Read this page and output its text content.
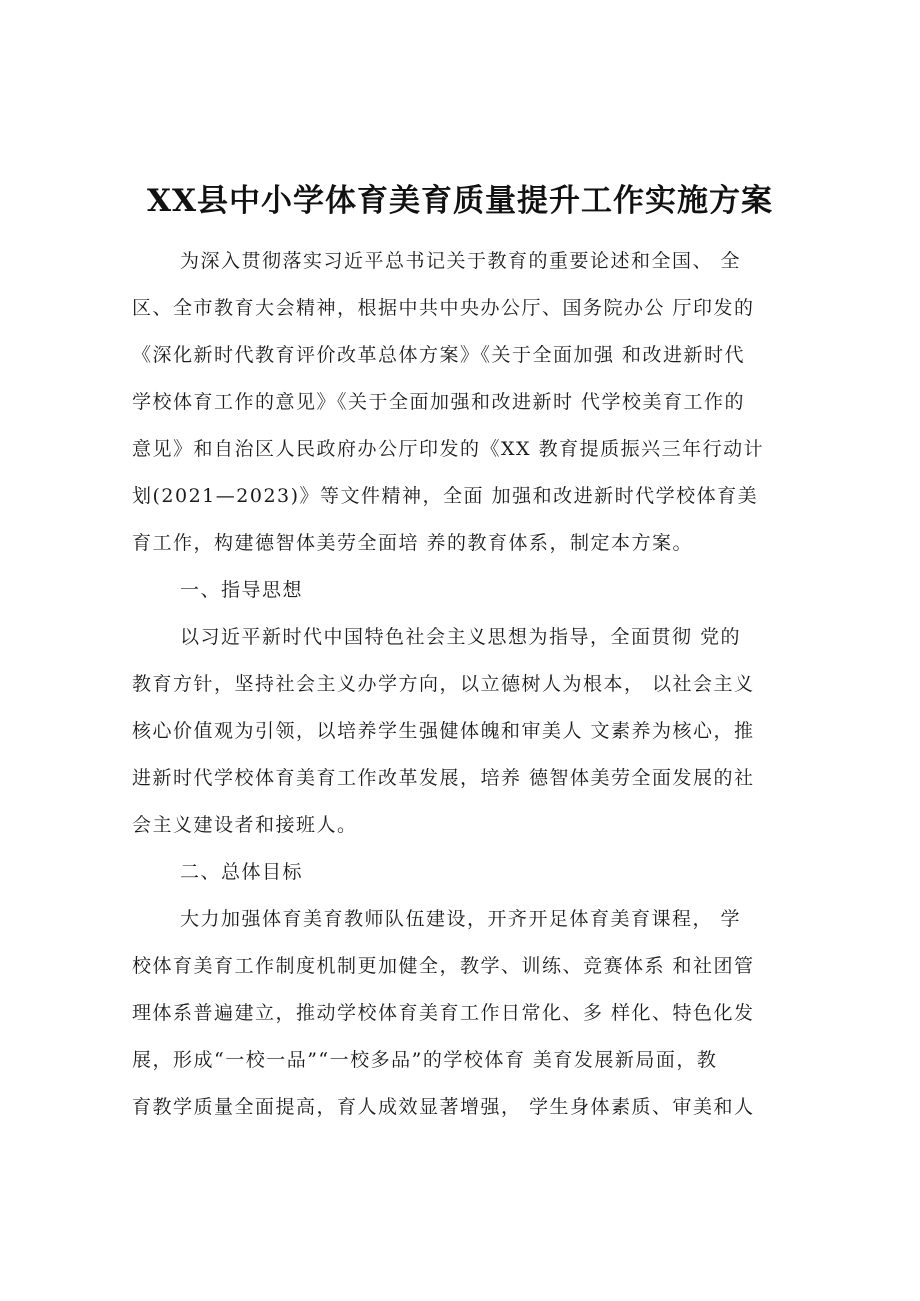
XX县中小学体育美育质量提升工作实施方案
为深入贯彻落实习近平总书记关于教育的重要论述和全国、 全
区、全市教育大会精神，根据中共中央办公厅、国务院办公 厅印发的
《深化新时代教育评价改革总体方案》《关于全面加强 和改进新时代
学校体育工作的意见》《关于全面加强和改进新时 代学校美育工作的
意见》和自治区人民政府办公厅印发的《XX 教育提质振兴三年行动计
划(2021—2023)》等文件精神，全面 加强和改进新时代学校体育美
育工作，构建德智体美劳全面培 养的教育体系，制定本方案。
一、指导思想
以习近平新时代中国特色社会主义思想为指导，全面贯彻 党的
教育方针，坚持社会主义办学方向，以立德树人为根本， 以社会主义
核心价值观为引领，以培养学生强健体魄和审美人 文素养为核心，推
进新时代学校体育美育工作改革发展，培养 德智体美劳全面发展的社
会主义建设者和接班人。
二、总体目标
大力加强体育美育教师队伍建设，开齐开足体育美育课程， 学
校体育美育工作制度机制更加健全，教学、训练、竞赛体系 和社团管
理体系普遍建立，推动学校体育美育工作日常化、多 样化、特色化发
展，形成“一校一品”“一校多品”的学校体育 美育发展新局面，教
育教学质量全面提高，育人成效显著增强， 学生身体素质、审美和人
